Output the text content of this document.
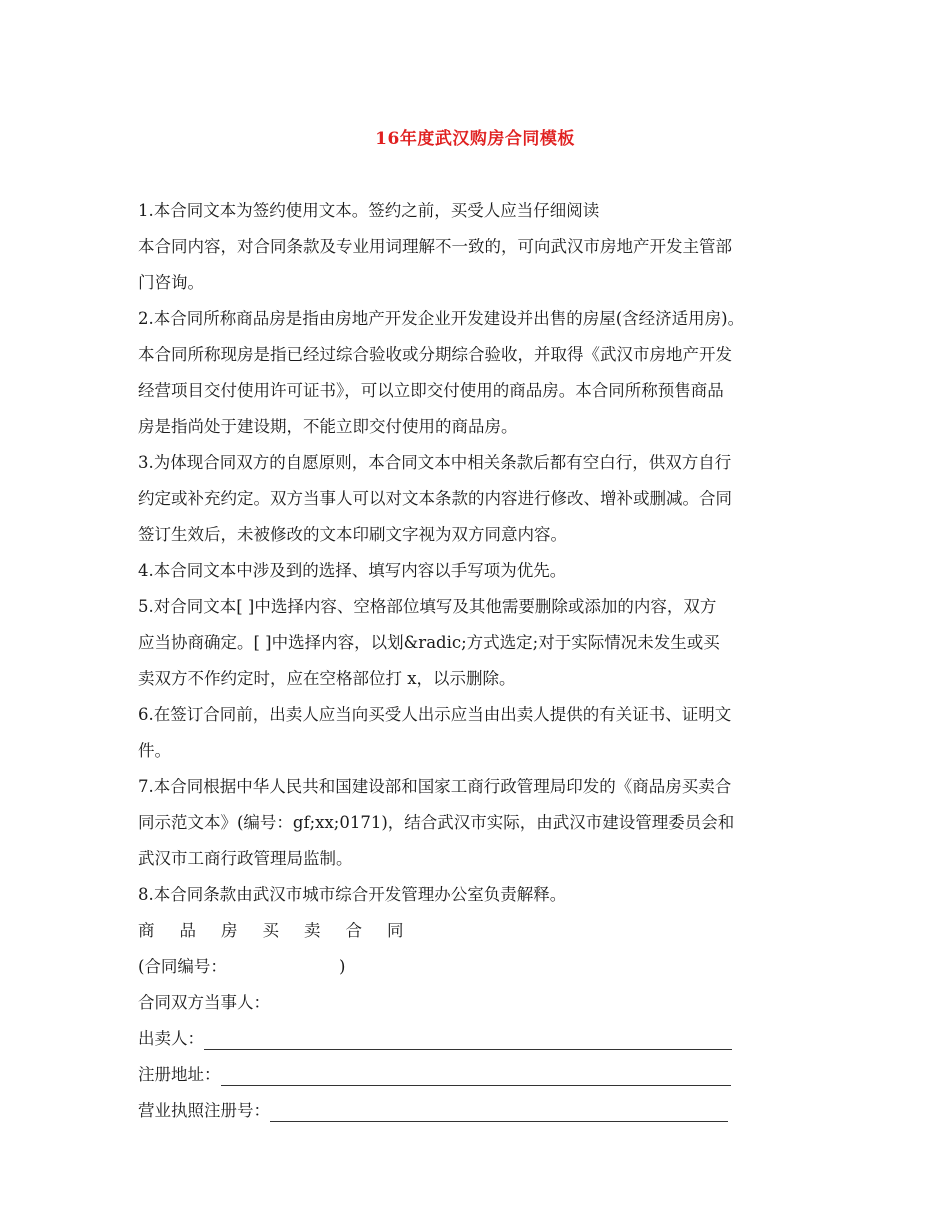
16年度武汉购房合同模板
1.本合同文本为签约使用文本。签约之前，买受人应当仔细阅读
本合同内容，对合同条款及专业用词理解不一致的，可向武汉市房地产开发主管部
门咨询。
2.本合同所称商品房是指由房地产开发企业开发建设并出售的房屋(含经济适用房)。
本合同所称现房是指已经过综合验收或分期综合验收，并取得《武汉市房地产开发
经营项目交付使用许可证书》，可以立即交付使用的商品房。本合同所称预售商品
房是指尚处于建设期，不能立即交付使用的商品房。
3.为体现合同双方的自愿原则，本合同文本中相关条款后都有空白行，供双方自行
约定或补充约定。双方当事人可以对文本条款的内容进行修改、增补或删减。合同
签订生效后，未被修改的文本印刷文字视为双方同意内容。
4.本合同文本中涉及到的选择、填写内容以手写项为优先。
5.对合同文本[ ]中选择内容、空格部位填写及其他需要删除或添加的内容，双方
应当协商确定。[ ]中选择内容，以划&radic;方式选定;对于实际情况未发生或买
卖双方不作约定时，应在空格部位打 x，以示删除。
6.在签订合同前，出卖人应当向买受人出示应当由出卖人提供的有关证书、证明文
件。
7.本合同根据中华人民共和国建设部和国家工商行政管理局印发的《商品房买卖合
同示范文本》(编号：gf;xx;0171)，结合武汉市实际，由武汉市建设管理委员会和
武汉市工商行政管理局监制。
8.本合同条款由武汉市城市综合开发管理办公室负责解释。
商品房买卖合同
(合同编号：	)
合同双方当事人：
出卖人：
注册地址：
营业执照注册号：
